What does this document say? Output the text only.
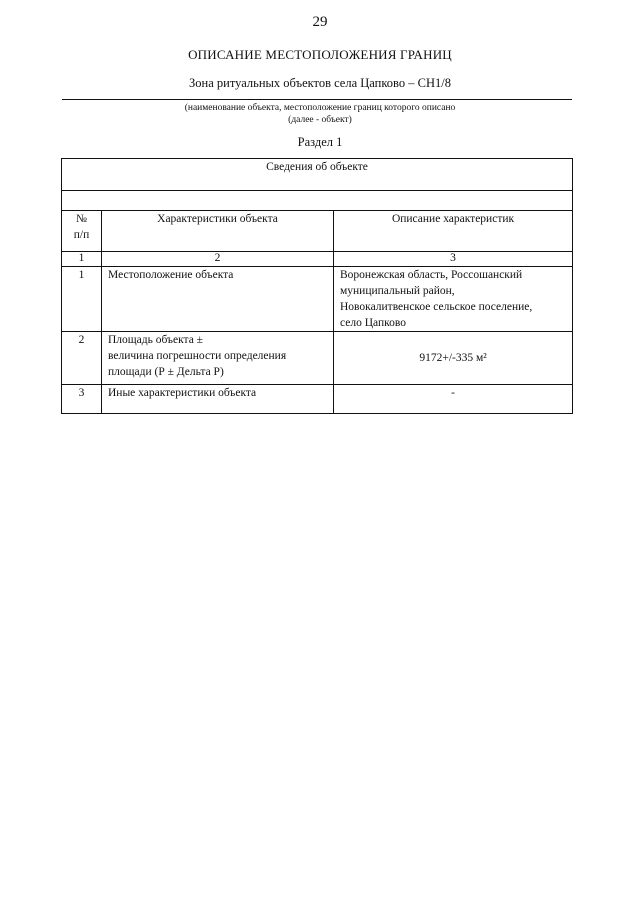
29
ОПИСАНИЕ МЕСТОПОЛОЖЕНИЯ ГРАНИЦ
Зона ритуальных объектов села Цапково – СН1/8
(наименование объекта, местоположение границ которого описано
(далее - объект)
Раздел 1
Сведения об объекте		

№
п/п	Характеристики объекта	Описание характеристик
1	2	3
1	Местоположение объекта	Воронежская область, Россошанский
муниципальный район,
Новокалитвенское сельское поселение,
село Цапково

2	Площадь объекта ±
величина погрешности определения
площади (Р ± Дельта Р)	9172+/-335 м²
3	Иные характеристики объекта	-
